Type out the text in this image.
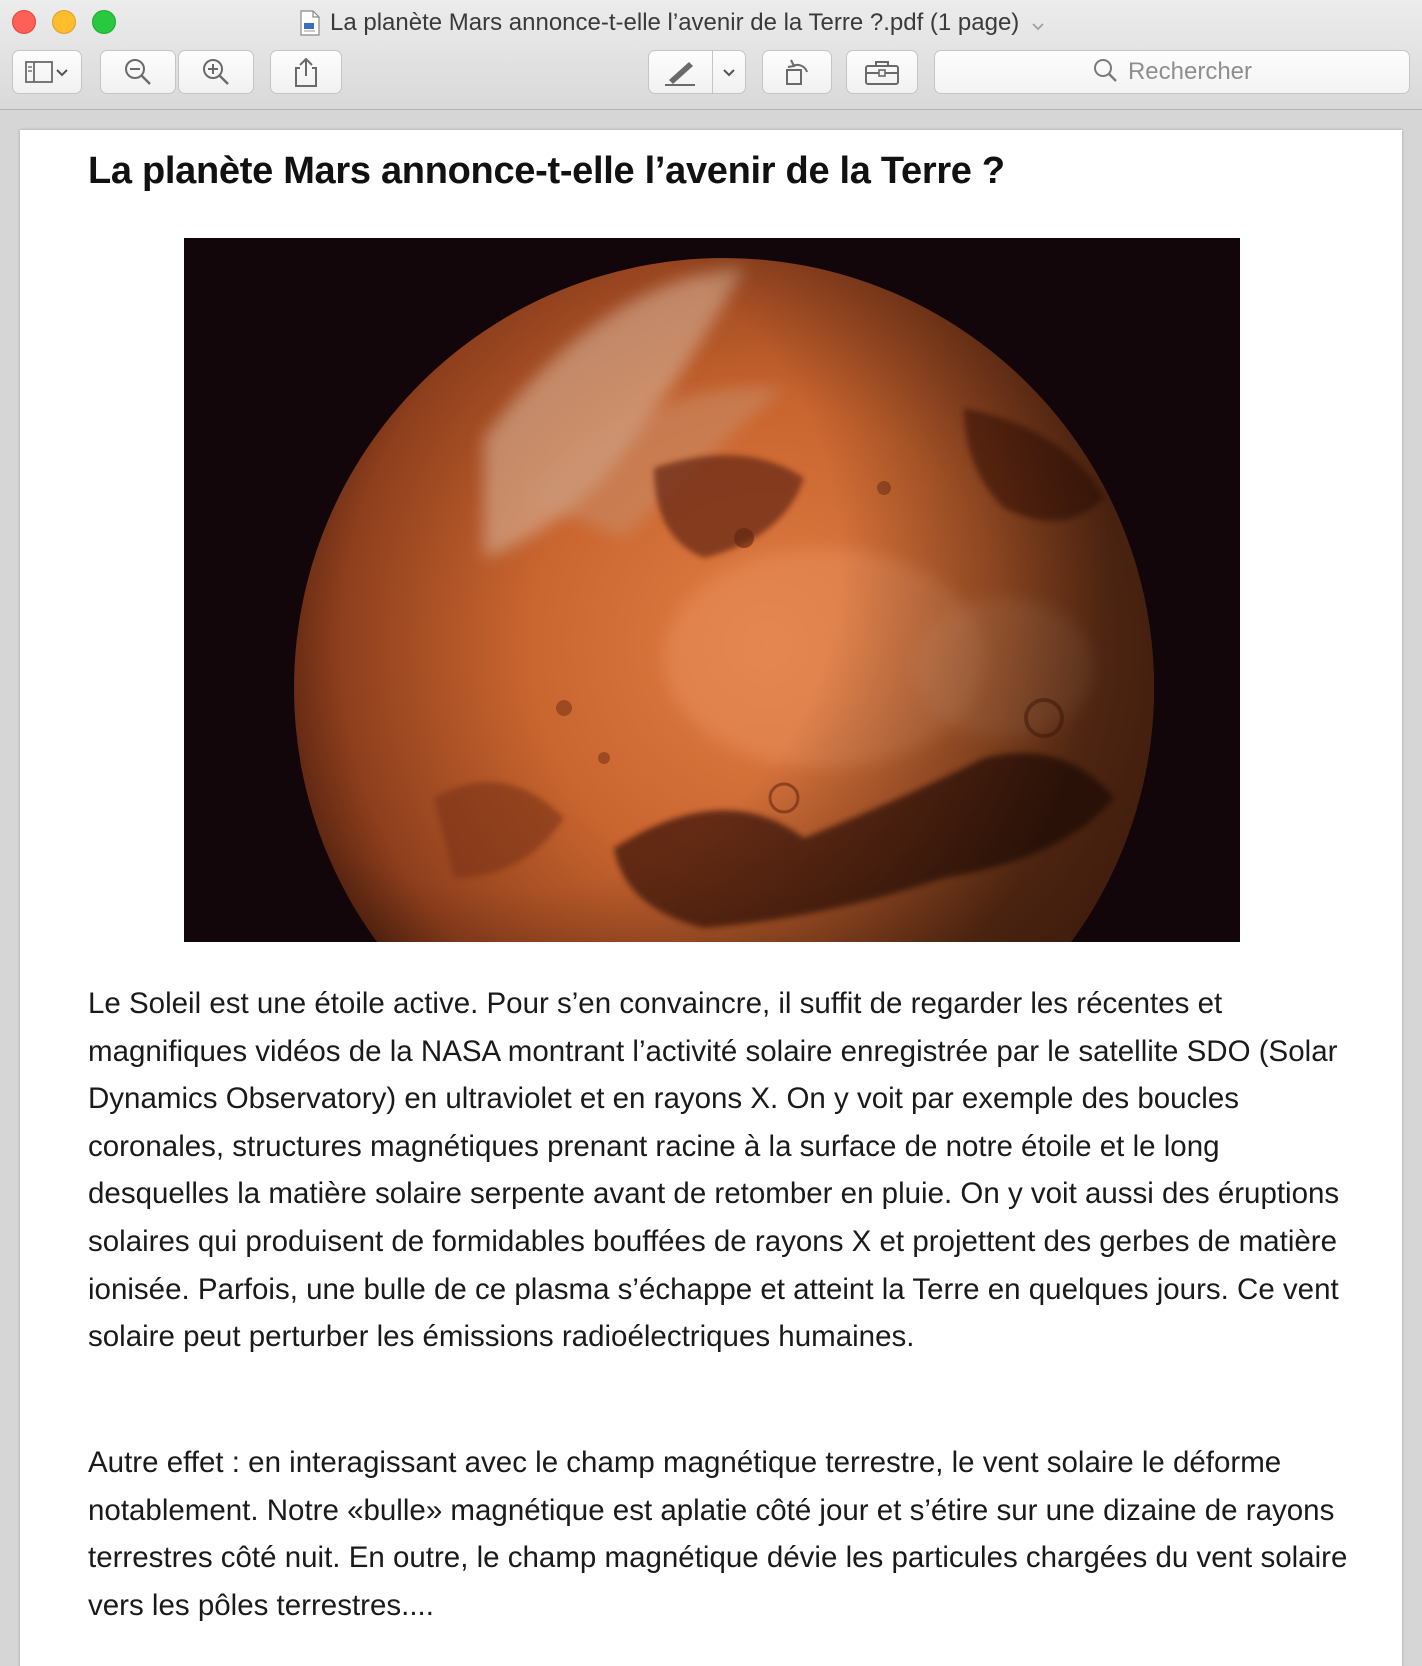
La planète Mars annonce-t-elle l’avenir de la Terre ?.pdf (1 page)
Rechercher
La planète Mars annonce-t-elle l’avenir de la Terre ?
Le Soleil est une étoile active. Pour s’en convaincre, il suffit de regarder les récentes et magnifiques vidéos de la NASA montrant l’activité solaire enregistrée par le satellite SDO (Solar Dynamics Observatory) en ultraviolet et en rayons X. On y voit par exemple des boucles coronales, structures magnétiques prenant racine à la surface de notre étoile et le long desquelles la matière solaire serpente avant de retomber en pluie. On y voit aussi des éruptions solaires qui produisent de formidables bouffées de rayons X et projettent des gerbes de matière ionisée. Parfois, une bulle de ce plasma s’échappe et atteint la Terre en quelques jours. Ce vent solaire peut perturber les émissions radioélectriques humaines.
Autre effet : en interagissant avec le champ magnétique terrestre, le vent solaire le déforme notablement. Notre «bulle» magnétique est aplatie côté jour et s’étire sur une dizaine de rayons terrestres côté nuit. En outre, le champ magnétique dévie les particules chargées du vent solaire vers les pôles terrestres....
